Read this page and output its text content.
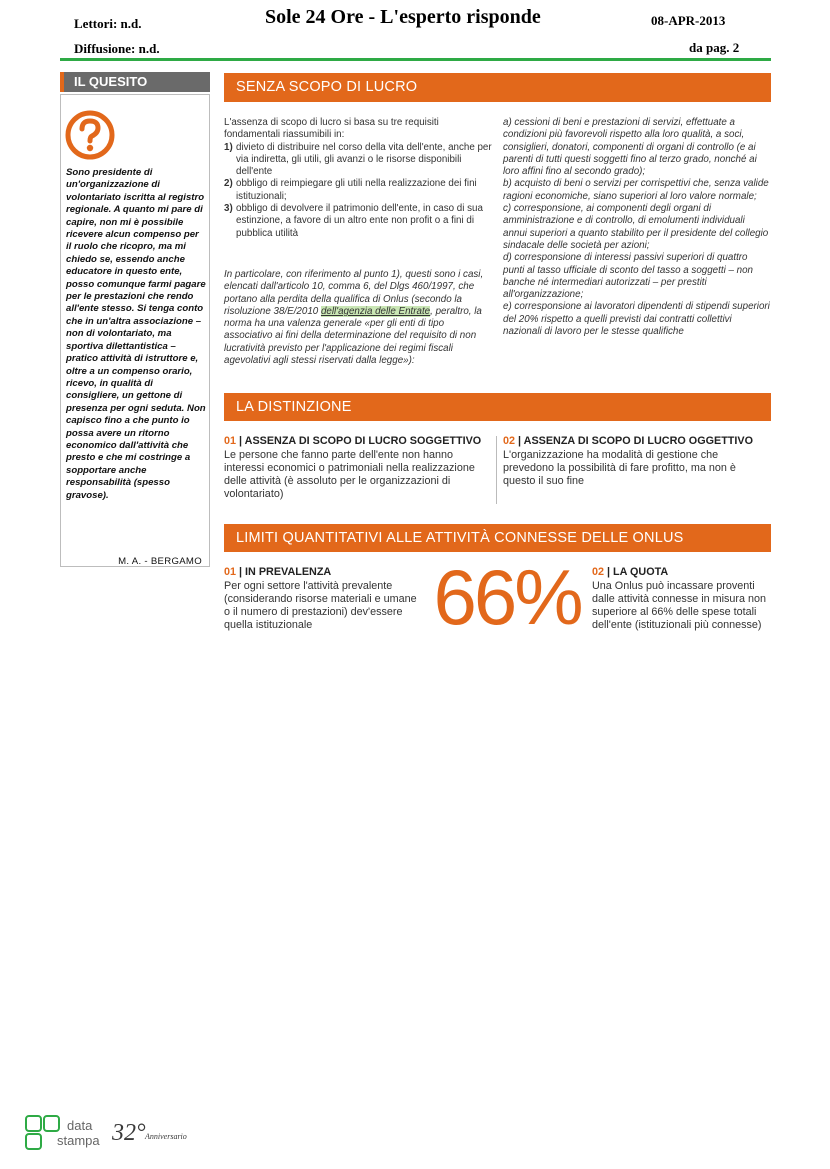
Lettori: n.d.
Diffusione: n.d.
Sole 24 Ore - L'esperto risponde	08-APR-2013
da pag. 2
IL QUESITO
Sono presidente di un'organizzazione di volontariato iscritta al registro regionale. A quanto mi pare di capire, non mi è possibile ricevere alcun compenso per il ruolo che ricopro, ma mi chiedo se, essendo anche educatore in questo ente, posso comunque farmi pagare per le prestazioni che rendo all'ente stesso. Si tenga conto che in un'altra associazione – non di volontariato, ma sportiva dilettantistica – pratico attività di istruttore e, oltre a un compenso orario, ricevo, in qualità di consigliere, un gettone di presenza per ogni seduta. Non capisco fino a che punto io possa avere un ritorno economico dall'attività che presto e che mi costringe a sopportare anche responsabilità (spesso gravose).
M. A. - BERGAMO
SENZA SCOPO DI LUCRO
L'assenza di scopo di lucro si basa su tre requisiti fondamentali riassumibili in:
1) divieto di distribuire nel corso della vita dell'ente, anche per via indiretta, gli utili, gli avanzi o le risorse disponibili dell'ente
2) obbligo di reimpiegare gli utili nella realizzazione dei fini istituzionali;
3) obbligo di devolvere il patrimonio dell'ente, in caso di sua estinzione, a favore di un altro ente non profit o a fini di pubblica utilità
In particolare, con riferimento al punto 1), questi sono i casi, elencati dall'articolo 10, comma 6, del Dlgs 460/1997, che portano alla perdita della qualifica di Onlus (secondo la risoluzione 38/E/2010 dell'agenzia delle Entrate, peraltro, la norma ha una valenza generale «per gli enti di tipo associativo ai fini della determinazione del requisito di non lucratività previsto per l'applicazione dei regimi fiscali agevolativi agli stessi riservati dalla legge»):
a) cessioni di beni e prestazioni di servizi, effettuate a condizioni più favorevoli rispetto alla loro qualità, a soci, consiglieri, donatori, componenti di organi di controllo (e ai parenti di tutti questi soggetti fino al terzo grado, nonché ai loro affini fino al secondo grado);
b) acquisto di beni o servizi per corrispettivi che, senza valide ragioni economiche, siano superiori al loro valore normale;
c) corresponsione, ai componenti degli organi di amministrazione e di controllo, di emolumenti individuali annui superiori a quanto stabilito per il presidente del collegio sindacale delle società per azioni;
d) corresponsione di interessi passivi superiori di quattro punti al tasso ufficiale di sconto del tasso a soggetti – non banche né intermediari autorizzati – per prestiti all'organizzazione;
e) corresponsione ai lavoratori dipendenti di stipendi superiori del 20% rispetto a quelli previsti dai contratti collettivi nazionali di lavoro per le stesse qualifiche
LA DISTINZIONE
01 | ASSENZA DI SCOPO DI LUCRO SOGGETTIVO
Le persone che fanno parte dell'ente non hanno interessi economici o patrimoniali nella realizzazione delle attività (è assoluto per le organizzazioni di volontariato)
02 | ASSENZA DI SCOPO DI LUCRO OGGETTIVO
L'organizzazione ha modalità di gestione che prevedono la possibilità di fare profitto, ma non è questo il suo fine
LIMITI QUANTITATIVI ALLE ATTIVITÀ CONNESSE DELLE ONLUS
01 | IN PREVALENZA
Per ogni settore l'attività prevalente (considerando risorse materiali e umane o il numero di prestazioni) dev'essere quella istituzionale	66% 02 | LA QUOTA
Una Onlus può incassare proventi dalle attività connesse in misura non superiore al 66% delle spese totali dell'ente (istituzionali più connesse)
data
stampa 32° Anniversario
